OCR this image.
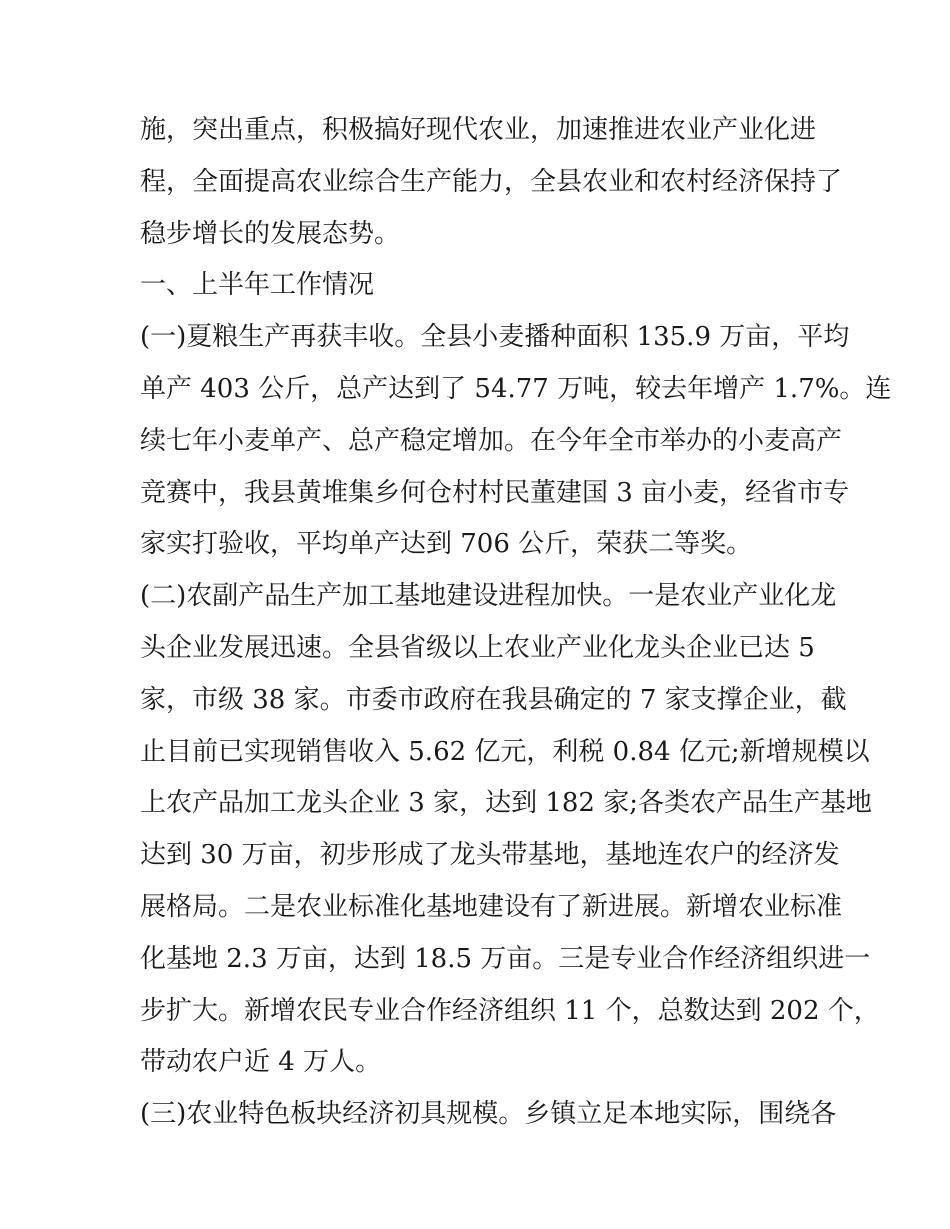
施，突出重点，积极搞好现代农业，加速推进农业产业化进
程，全面提高农业综合生产能力，全县农业和农村经济保持了
稳步增长的发展态势。
一、上半年工作情况
(一)夏粮生产再获丰收。全县小麦播种面积 135.9 万亩，平均
单产 403 公斤，总产达到了 54.77 万吨，较去年增产 1.7%。连
续七年小麦单产、总产稳定增加。在今年全市举办的小麦高产
竞赛中，我县黄堆集乡何仓村村民董建国 3 亩小麦，经省市专
家实打验收，平均单产达到 706 公斤，荣获二等奖。
(二)农副产品生产加工基地建设进程加快。一是农业产业化龙
头企业发展迅速。全县省级以上农业产业化龙头企业已达 5
家，市级 38 家。市委市政府在我县确定的 7 家支撑企业，截
止目前已实现销售收入 5.62 亿元，利税 0.84 亿元;新增规模以
上农产品加工龙头企业 3 家，达到 182 家;各类农产品生产基地
达到 30 万亩，初步形成了龙头带基地，基地连农户的经济发
展格局。二是农业标准化基地建设有了新进展。新增农业标准
化基地 2.3 万亩，达到 18.5 万亩。三是专业合作经济组织进一
步扩大。新增农民专业合作经济组织 11 个，总数达到 202 个，
带动农户近 4 万人。
(三)农业特色板块经济初具规模。乡镇立足本地实际，围绕各
